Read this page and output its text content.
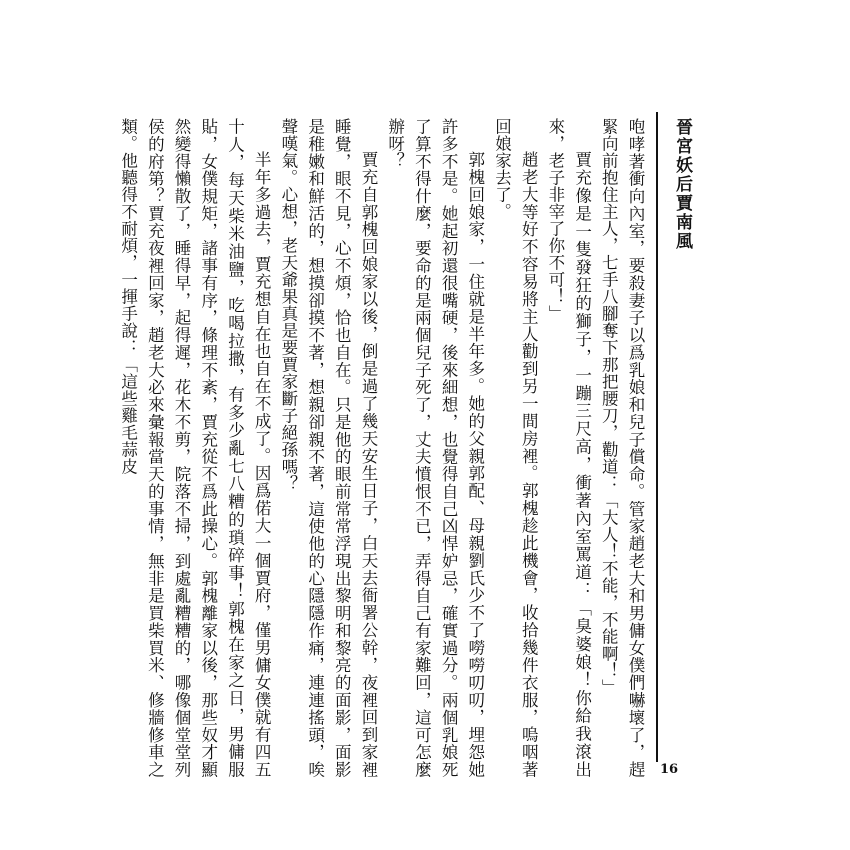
晉宮妖后賈南風
16

咆哮著衝向內室，要殺妻子以爲乳娘和兒子償命。管家趙老大和男傭女僕們嚇壞了，趕緊向前抱住主人，七手八腳奪下那把腰刀，勸道：「大人！不能，不能啊！」

賈充像是一隻發狂的獅子，一蹦三尺高，衝著內室罵道：「臭婆娘！你給我滾出來，老子非宰了你不可！」

趙老大等好不容易將主人勸到另一間房裡。郭槐趁此機會，收拾幾件衣服，嗚咽著回娘家去了。

郭槐回娘家，一住就是半年多。她的父親郭配、母親劉氏少不了嘮嘮叨叨，埋怨她許多不是。她起初還很嘴硬，後來細想，也覺得自己凶悍妒忌，確實過分。兩個乳娘死了算不得什麼，要命的是兩個兒子死了，丈夫憤恨不已，弄得自己有家難回，這可怎麼辦呀？

賈充自郭槐回娘家以後，倒是過了幾天安生日子，白天去衙署公幹，夜裡回到家裡睡覺，眼不見，心不煩，恰也自在。只是他的眼前常常浮現出黎明和黎亮的面影，面影是稚嫩和鮮活的，想摸卻摸不著，想親卻親不著，這使他的心隱隱作痛，連連搖頭，唉聲嘆氣。心想，老天爺果真是要賈家斷子絕孫嗎？

半年多過去，賈充想自在也自在不成了。因爲偌大一個賈府，僅男傭女僕就有四五十人，每天柴米油鹽，吃喝拉撒，有多少亂七八糟的瑣碎事！郭槐在家之日，男傭服貼，女僕規矩，諸事有序，條理不紊，賈充從不爲此操心。郭槐離家以後，那些奴才顯然變得懶散了，睡得早，起得遲，花木不剪，院落不掃，到處亂糟糟的，哪像個堂堂列侯的府第？賈充夜裡回家，趙老大必來彙報當天的事情，無非是買柴買米、修牆修車之類。他聽得不耐煩，一揮手說：「這些雞毛蒜皮
